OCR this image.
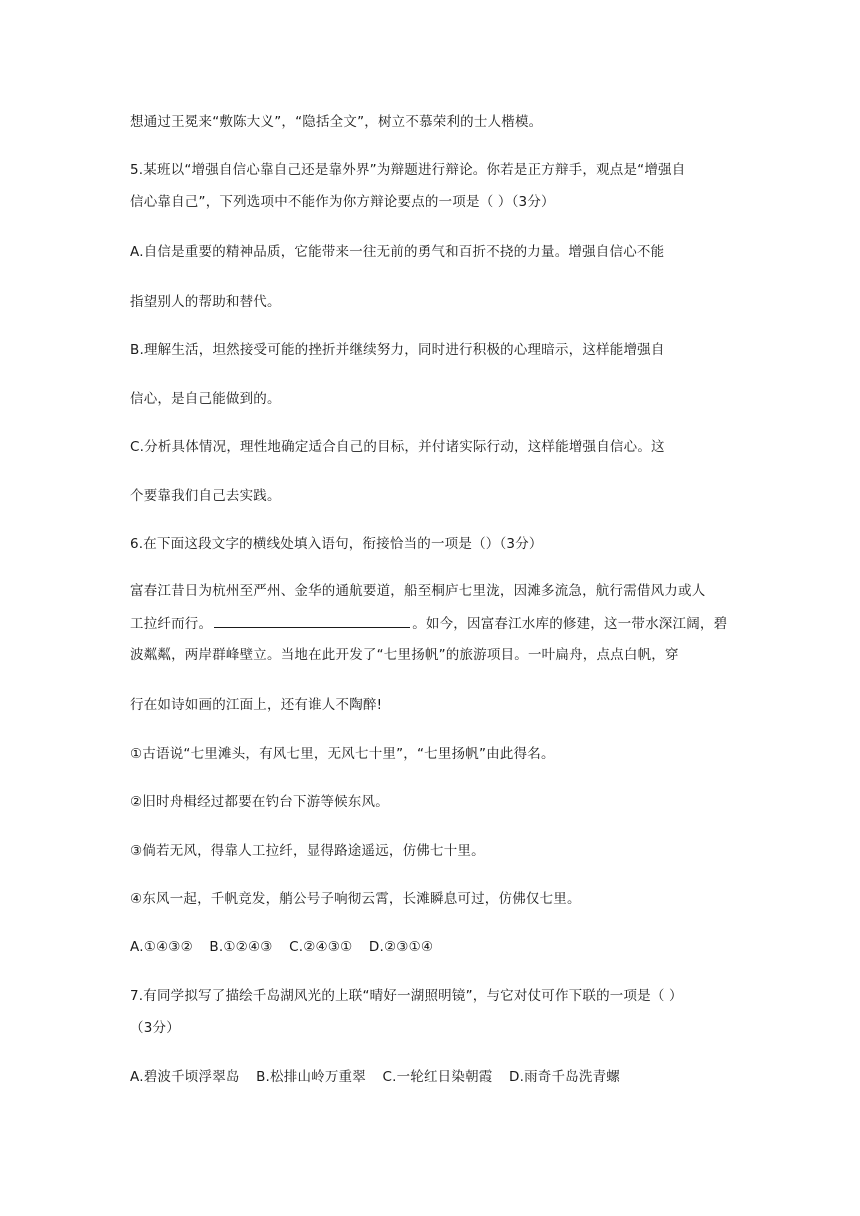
想通过王冕来“敷陈大义”，“隐括全文”，树立不慕荣利的士人楷模。
5.某班以“增强自信心靠自己还是靠外界”为辩题进行辩论。你若是正方辩手，观点是“增强自
信心靠自己”，下列选项中不能作为你方辩论要点的一项是（ ）（3分）
A.自信是重要的精神品质，它能带来一往无前的勇气和百折不挠的力量。增强自信心不能
指望别人的帮助和替代。
B.理解生活，坦然接受可能的挫折并继续努力，同时进行积极的心理暗示，这样能增强自
信心，是自己能做到的。
C.分析具体情况，理性地确定适合自己的目标，并付诸实际行动，这样能增强自信心。这
个要靠我们自己去实践。
6.在下面这段文字的横线处填入语句，衔接恰当的一项是（）（3分）
富春江昔日为杭州至严州、金华的通航要道，船至桐庐七里泷，因滩多流急，航行需借风力或人
工拉纤而行。	。如今，因富春江水库的修建，这一带水深江阔，碧
波粼粼，两岸群峰壁立。当地在此开发了“七里扬帆”的旅游项目。一叶扁舟，点点白帆，穿
行在如诗如画的江面上，还有谁人不陶醉!
①古语说“七里滩头，有风七里，无风七十里”，“七里扬帆”由此得名。
②旧时舟楫经过都要在钓台下游等候东风。
③倘若无风，得靠人工拉纤，显得路途遥远，仿佛七十里。
④东风一起，千帆竞发，艄公号子响彻云霄，长滩瞬息可过，仿佛仅七里。
A.①④③② B.①②④③ C.②④③① D.②③①④
7.有同学拟写了描绘千岛湖风光的上联“晴好一湖照明镜”，与它对仗可作下联的一项是（ ）
（3分）
A.碧波千顷浮翠岛 B.松排山岭万重翠 C.一轮红日染朝霞 D.雨奇千岛洗青螺
